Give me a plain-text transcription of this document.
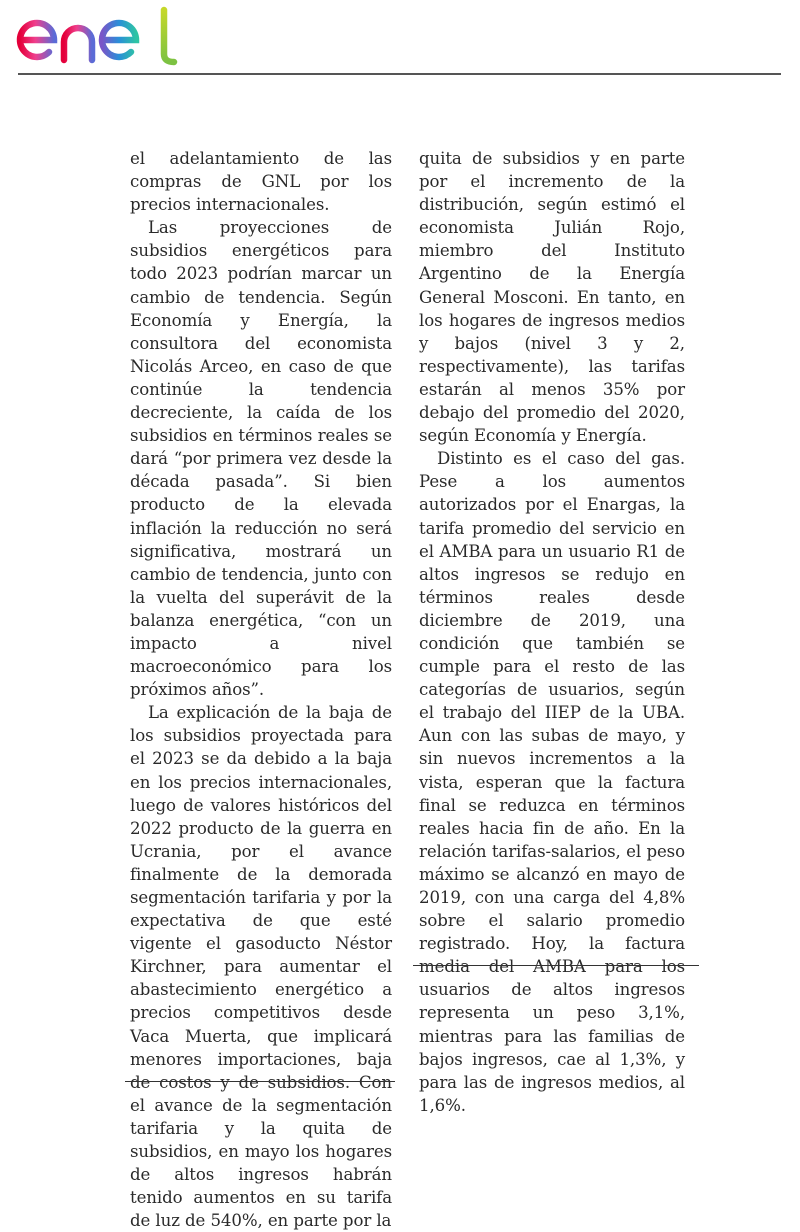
el adelantamiento de las compras de GNL por los precios internacionales.

Las proyecciones de subsidios energéticos para todo 2023 podrían marcar un cambio de tendencia. Según Economía y Energía, la consultora del economista Nicolás Arceo, en caso de que continúe la tendencia decreciente, la caída de los subsidios en términos reales se dará “por primera vez desde la década pasada”. Si bien producto de la elevada inflación la reducción no será significativa, mostrará un cambio de tendencia, junto con la vuelta del superávit de la balanza energética, “con un impacto a nivel macroeconómico para los próximos años”.

La explicación de la baja de los subsidios proyectada para el 2023 se da debido a la baja en los precios internacionales, luego de valores históricos del 2022 producto de la guerra en Ucrania, por el avance finalmente de la demorada segmentación tarifaria y por la expectativa de que esté vigente el gasoducto Néstor Kirchner, para aumentar el abastecimiento energético a precios competitivos desde Vaca Muerta, que implicará menores importaciones, baja de costos y de subsidios. Con el avance de la segmentación tarifaria y la quita de subsidios, en mayo los hogares de altos ingresos habrán tenido aumentos en su tarifa de luz de 540%, en parte por la

quita de subsidios y en parte por el incremento de la distribución, según estimó el economista Julián Rojo, miembro del Instituto Argentino de la Energía General Mosconi. En tanto, en los hogares de ingresos medios y bajos (nivel 3 y 2, respectivamente), las tarifas estarán al menos 35% por debajo del promedio del 2020, según Economía y Energía.

Distinto es el caso del gas. Pese a los aumentos autorizados por el Enargas, la tarifa promedio del servicio en el AMBA para un usuario R1 de altos ingresos se redujo en términos reales desde diciembre de 2019, una condición que también se cumple para el resto de las categorías de usuarios, según el trabajo del IIEP de la UBA. Aun con las subas de mayo, y sin nuevos incrementos a la vista, esperan que la factura final se reduzca en términos reales hacia fin de año. En la relación tarifas-salarios, el peso máximo se alcanzó en mayo de 2019, con una carga del 4,8% sobre el salario promedio registrado. Hoy, la factura media del AMBA para los usuarios de altos ingresos representa un peso 3,1%, mientras para las familias de bajos ingresos, cae al 1,3%, y para las de ingresos medios, al 1,6%.
